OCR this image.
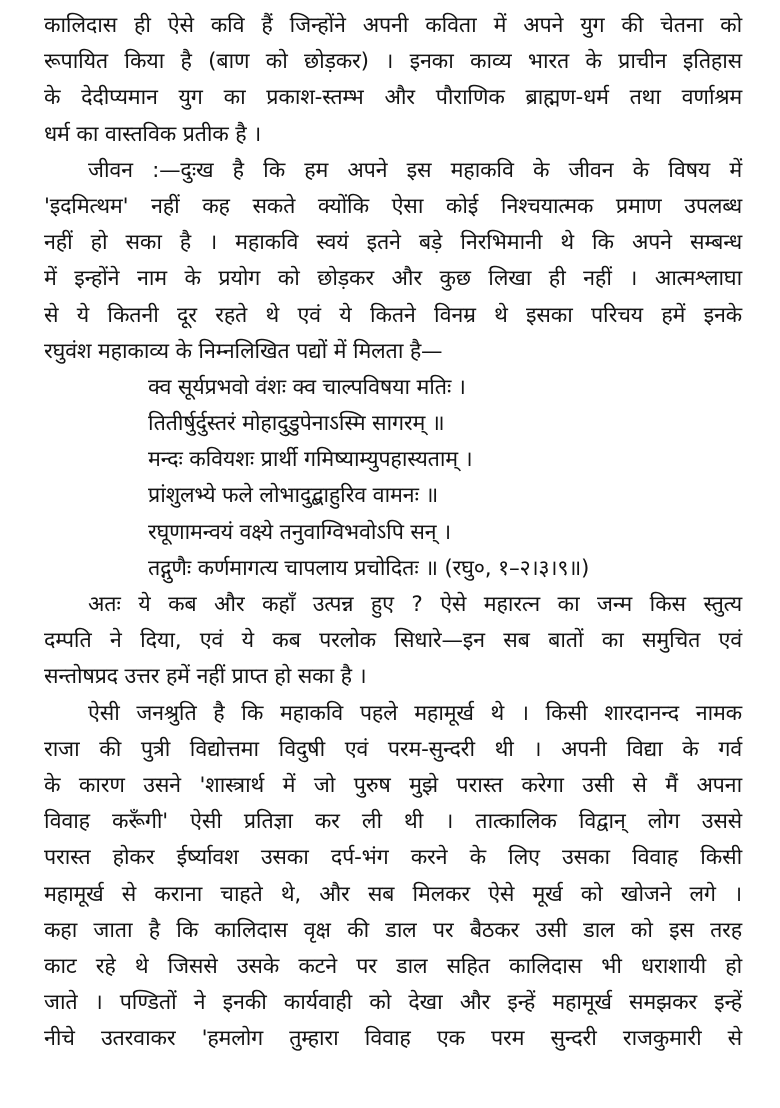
कालिदास ही ऐसे कवि हैं जिन्होंने अपनी कविता में अपने युग की चेतना को
रूपायित किया है (बाण को छोड़कर) । इनका काव्य भारत के प्राचीन इतिहास
के देदीप्यमान युग का प्रकाश-स्तम्भ और पौराणिक ब्राह्मण-धर्म तथा वर्णाश्रम
धर्म का वास्तविक प्रतीक है ।
जीवन :—दुःख है कि हम अपने इस महाकवि के जीवन के विषय में
'इदमित्थम' नहीं कह सकते क्योंकि ऐसा कोई निश्चयात्मक प्रमाण उपलब्ध
नहीं हो सका है । महाकवि स्वयं इतने बड़े निरभिमानी थे कि अपने सम्बन्ध
में इन्होंने नाम के प्रयोग को छोड़कर और कुछ लिखा ही नहीं । आत्मश्लाघा
से ये कितनी दूर रहते थे एवं ये कितने विनम्र थे इसका परिचय हमें इनके
रघुवंश महाकाव्य के निम्नलिखित पद्यों में मिलता है—
क्व सूर्यप्रभवो वंशः क्व चाल्पविषया मतिः ।
तितीर्षुर्दुस्तरं मोहादुडुपेनाऽस्मि सागरम् ॥
मन्दः कवियशः प्रार्थी गमिष्याम्युपहास्यताम् ।
प्रांशुलभ्ये फले लोभादुद्बाहुरिव वामनः ॥
रघूणामन्वयं वक्ष्ये तनुवाग्विभवोऽपि सन् ।
तद्गुणैः कर्णमागत्य चापलाय प्रचोदितः ॥ (रघु०, १–२।३।९॥)
अतः ये कब और कहाँ उत्पन्न हुए ? ऐसे महारत्न का जन्म किस स्तुत्य
दम्पति ने दिया, एवं ये कब परलोक सिधारे—इन सब बातों का समुचित एवं
सन्तोषप्रद उत्तर हमें नहीं प्राप्त हो सका है ।
ऐसी जनश्रुति है कि महाकवि पहले महामूर्ख थे । किसी शारदानन्द नामक
राजा की पुत्री विद्योत्तमा विदुषी एवं परम-सुन्दरी थी । अपनी विद्या के गर्व
के कारण उसने 'शास्त्रार्थ में जो पुरुष मुझे परास्त करेगा उसी से मैं अपना
विवाह करूँगी' ऐसी प्रतिज्ञा कर ली थी । तात्कालिक विद्वान् लोग उससे
परास्त होकर ईर्ष्यावश उसका दर्प-भंग करने के लिए उसका विवाह किसी
महामूर्ख से कराना चाहते थे, और सब मिलकर ऐसे मूर्ख को खोजने लगे ।
कहा जाता है कि कालिदास वृक्ष की डाल पर बैठकर उसी डाल को इस तरह
काट रहे थे जिससे उसके कटने पर डाल सहित कालिदास भी धराशायी हो
जाते । पण्डितों ने इनकी कार्यवाही को देखा और इन्हें महामूर्ख समझकर इन्हें
नीचे उतरवाकर 'हमलोग तुम्हारा विवाह एक परम सुन्दरी राजकुमारी से
